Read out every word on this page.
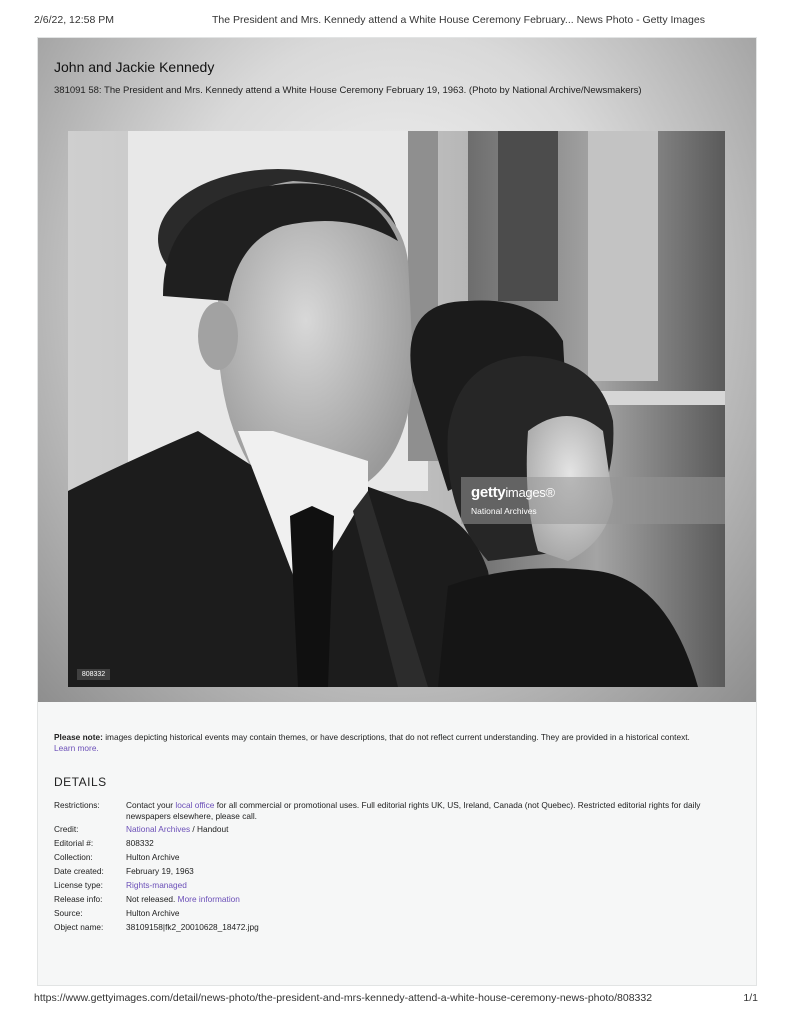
2/6/22, 12:58 PM	The President and Mrs. Kennedy attend a White House Ceremony February... News Photo - Getty Images
John and Jackie Kennedy
381091 58: The President and Mrs. Kennedy attend a White House Ceremony February 19, 1963. (Photo by National Archive/Newsmakers)
gettyimages®
National Archives
808332
Please note: images depicting historical events may contain themes, or have descriptions, that do not reflect current understanding. They are provided in a historical context.
Learn more.
DETAILS
Restrictions:	Contact your local office for all commercial or promotional uses. Full editorial rights UK, US, Ireland, Canada (not Quebec). Restricted editorial rights for daily newspapers elsewhere, please call.
Credit:	National Archives / Handout
Editorial #:	808332
Collection:	Hulton Archive
Date created:	February 19, 1963
License type:	Rights-managed
Release info:	Not released. More information
Source:	Hulton Archive
Object name:	38109158|fk2_20010628_18472.jpg
https://www.gettyimages.com/detail/news-photo/the-president-and-mrs-kennedy-attend-a-white-house-ceremony-news-photo/808332	1/1
